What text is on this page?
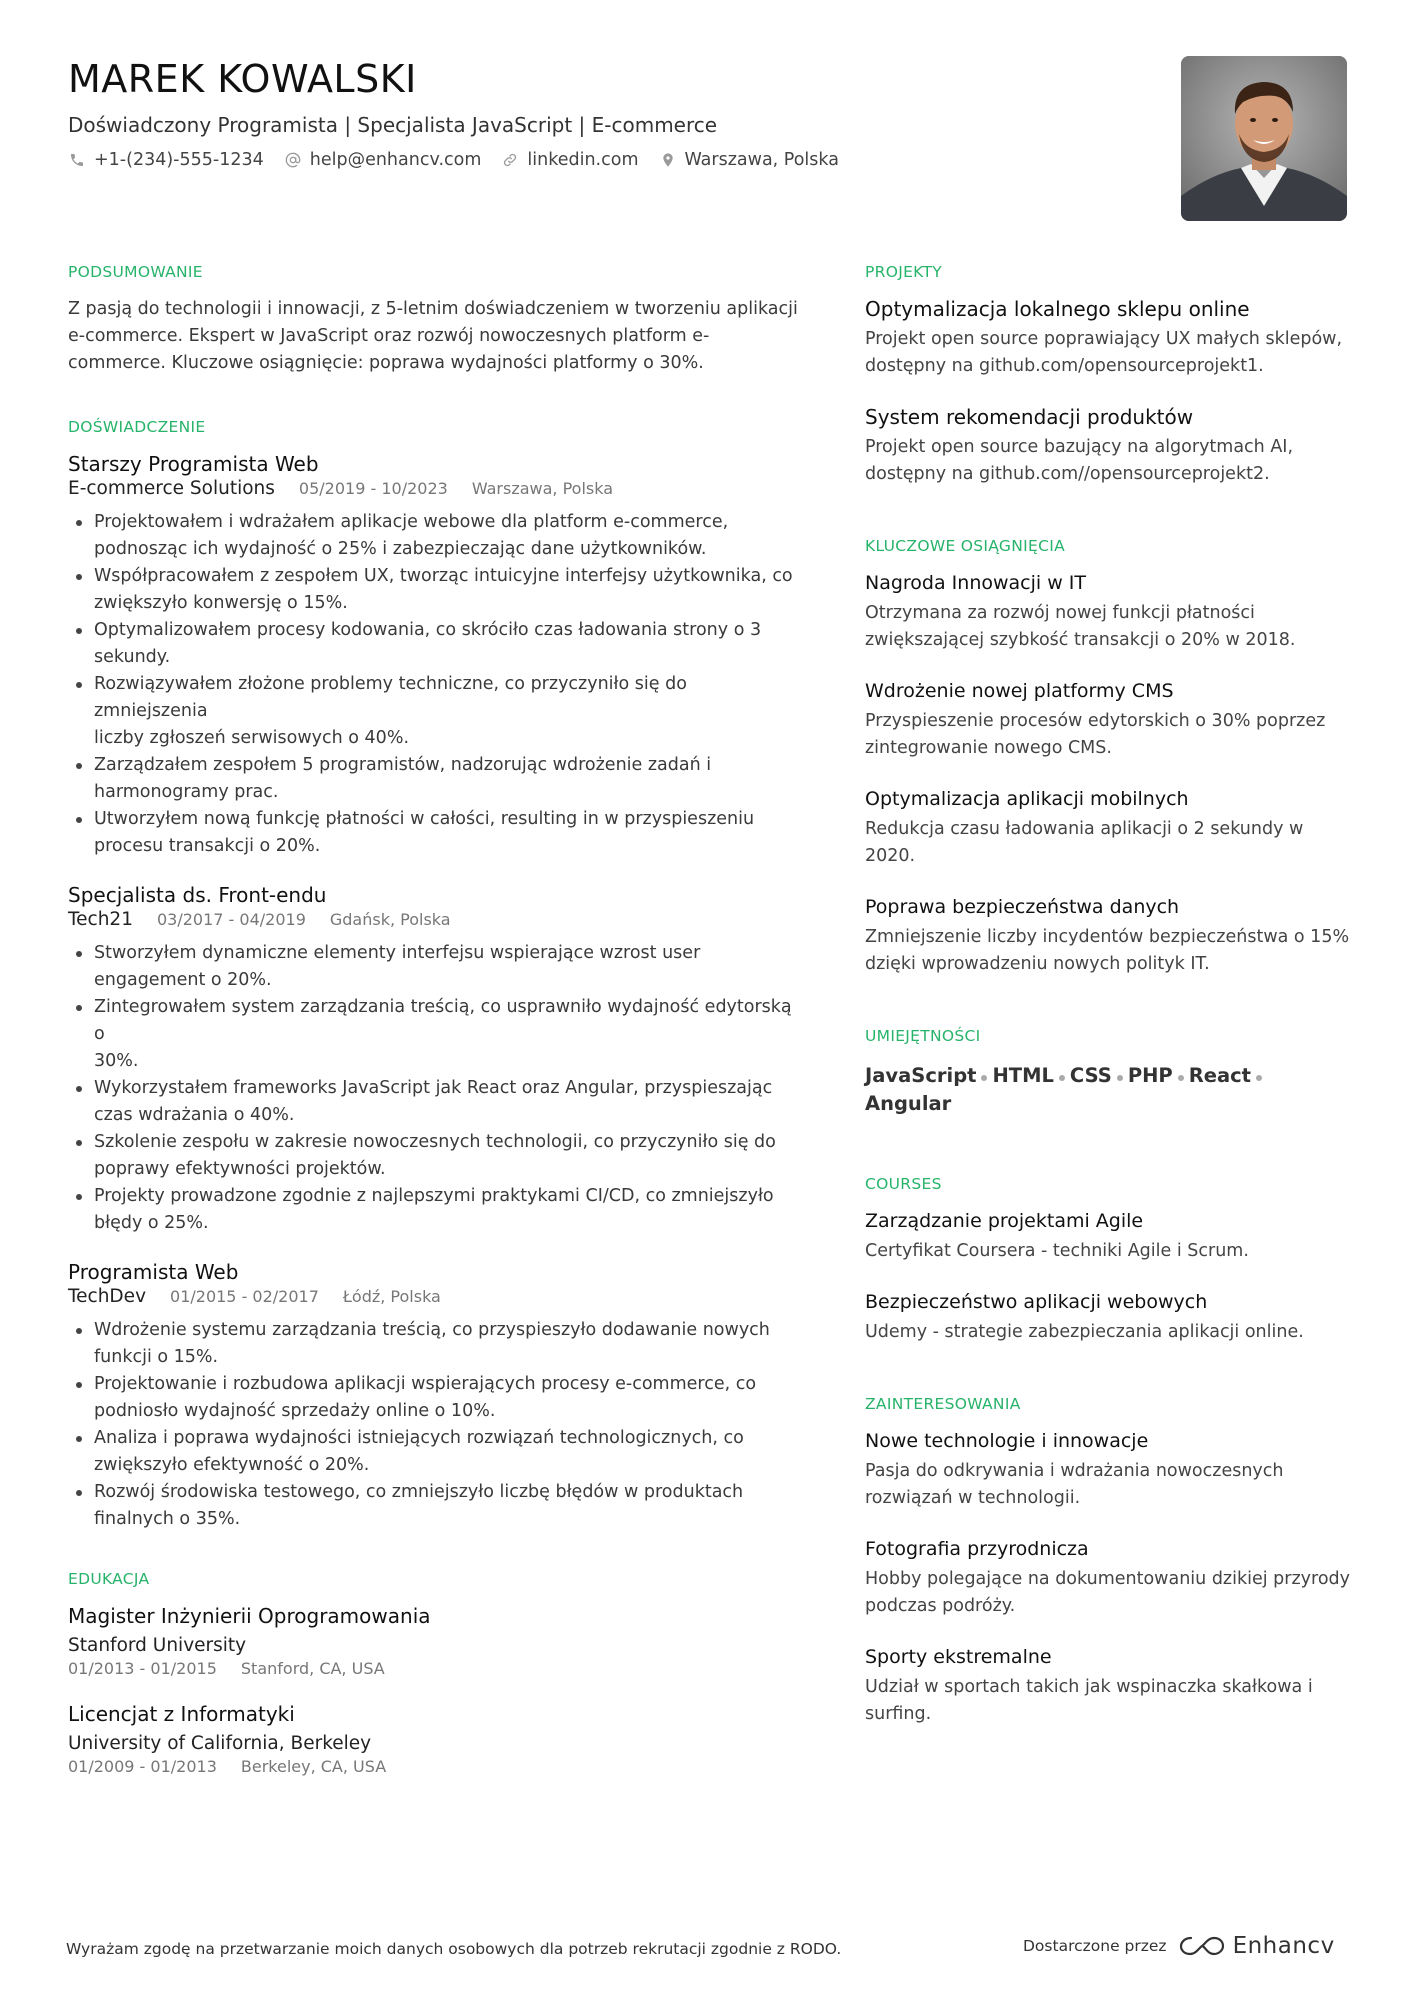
MAREK KOWALSKI
Doświadczony Programista | Specjalista JavaScript | E-commerce
+1-(234)-555-1234	help@enhancv.com	linkedin.com	Warszawa, Polska
PODSUMOWANIE
Z pasją do technologii i innowacji, z 5-letnim doświadczeniem w tworzeniu aplikacji
e-commerce. Ekspert w JavaScript oraz rozwój nowoczesnych platform e-
commerce. Kluczowe osiągnięcie: poprawa wydajności platformy o 30%.
DOŚWIADCZENIE
Starszy Programista Web
E-commerce Solutions 05/2019 - 10/2023 Warszawa, Polska
Projektowałem i wdrażałem aplikacje webowe dla platform e-commerce,
podnosząc ich wydajność o 25% i zabezpieczając dane użytkowników.
Współpracowałem z zespołem UX, tworząc intuicyjne interfejsy użytkownika, co
zwiększyło konwersję o 15%.
Optymalizowałem procesy kodowania, co skróciło czas ładowania strony o 3
sekundy.
Rozwiązywałem złożone problemy techniczne, co przyczyniło się do zmniejszenia
liczby zgłoszeń serwisowych o 40%.
Zarządzałem zespołem 5 programistów, nadzorując wdrożenie zadań i
harmonogramy prac.
Utworzyłem nową funkcję płatności w całości, resulting in w przyspieszeniu
procesu transakcji o 20%.
Specjalista ds. Front-endu
Tech21 03/2017 - 04/2019 Gdańsk, Polska
Stworzyłem dynamiczne elementy interfejsu wspierające wzrost user
engagement o 20%.
Zintegrowałem system zarządzania treścią, co usprawniło wydajność edytorską o
30%.
Wykorzystałem frameworks JavaScript jak React oraz Angular, przyspieszając
czas wdrażania o 40%.
Szkolenie zespołu w zakresie nowoczesnych technologii, co przyczyniło się do
poprawy efektywności projektów.
Projekty prowadzone zgodnie z najlepszymi praktykami CI/CD, co zmniejszyło
błędy o 25%.
Programista Web
TechDev 01/2015 - 02/2017 Łódź, Polska
Wdrożenie systemu zarządzania treścią, co przyspieszyło dodawanie nowych
funkcji o 15%.
Projektowanie i rozbudowa aplikacji wspierających procesy e-commerce, co
podniosło wydajność sprzedaży online o 10%.
Analiza i poprawa wydajności istniejących rozwiązań technologicznych, co
zwiększyło efektywność o 20%.
Rozwój środowiska testowego, co zmniejszyło liczbę błędów w produktach
finalnych o 35%.
EDUKACJA
Magister Inżynierii Oprogramowania
Stanford University
01/2013 - 01/2015 Stanford, CA, USA
Licencjat z Informatyki
University of California, Berkeley
01/2009 - 01/2013 Berkeley, CA, USA
PROJEKTY
Optymalizacja lokalnego sklepu online
Projekt open source poprawiający UX małych sklepów,
dostępny na github.com/opensourceprojekt1.
System rekomendacji produktów
Projekt open source bazujący na algorytmach AI,
dostępny na github.com//opensourceprojekt2.
KLUCZOWE OSIĄGNIĘCIA
Nagroda Innowacji w IT
Otrzymana za rozwój nowej funkcji płatności
zwiększającej szybkość transakcji o 20% w 2018.
Wdrożenie nowej platformy CMS
Przyspieszenie procesów edytorskich o 30% poprzez
zintegrowanie nowego CMS.
Optymalizacja aplikacji mobilnych
Redukcja czasu ładowania aplikacji o 2 sekundy w 2020.
Poprawa bezpieczeństwa danych
Zmniejszenie liczby incydentów bezpieczeństwa o 15%
dzięki wprowadzeniu nowych polityk IT.
UMIEJĘTNOŚCI
JavaScript HTML CSS PHP React
Angular
COURSES
Zarządzanie projektami Agile
Certyfikat Coursera - techniki Agile i Scrum.
Bezpieczeństwo aplikacji webowych
Udemy - strategie zabezpieczania aplikacji online.
ZAINTERESOWANIA
Nowe technologie i innowacje
Pasja do odkrywania i wdrażania nowoczesnych
rozwiązań w technologii.
Fotografia przyrodnicza
Hobby polegające na dokumentowaniu dzikiej przyrody
podczas podróży.
Sporty ekstremalne
Udział w sportach takich jak wspinaczka skałkowa i
surfing.
Wyrażam zgodę na przetwarzanie moich danych osobowych dla potrzeb rekrutacji zgodnie z RODO.	Dostarczone przez	Enhancv
